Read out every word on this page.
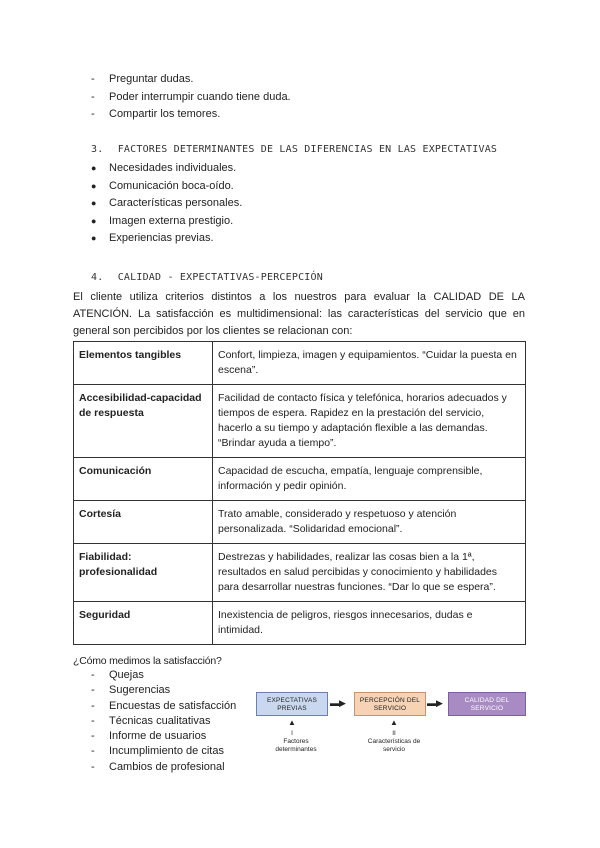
- Preguntar dudas.
- Poder interrumpir cuando tiene duda.
- Compartir los temores.
3. FACTORES DETERMINANTES DE LAS DIFERENCIAS EN LAS EXPECTATIVAS
● Necesidades individuales.
● Comunicación boca-oído.
● Características personales.
● Imagen externa prestigio.
● Experiencias previas.
4. CALIDAD - EXPECTATIVAS-PERCEPCIÓN

El cliente utiliza criterios distintos a los nuestros para evaluar la CALIDAD DE LA ATENCIÓN. La satisfacción es multidimensional: las características del servicio que en general son percibidos por los clientes se relacionan con:

Elementos tangibles	Confort, limpieza, imagen y equipamientos. “Cuidar la puesta en escena”.
Accesibilidad-capacidad de respuesta	Facilidad de contacto física y telefónica, horarios adecuados y tiempos de espera. Rapidez en la prestación del servicio, hacerlo a su tiempo y adaptación flexible a las demandas. “Brindar ayuda a tiempo”.
Comunicación	Capacidad de escucha, empatía, lenguaje comprensible, información y pedir opinión.
Cortesía	Trato amable, considerado y respetuoso y atención personalizada. “Solidaridad emocional”.
Fiabilidad: profesionalidad	Destrezas y habilidades, realizar las cosas bien a la 1ª, resultados en salud percibidas y conocimiento y habilidades para desarrollar nuestras funciones. “Dar lo que se espera”.
Seguridad	Inexistencia de peligros, riesgos innecesarios, dudas e intimidad.
¿Cómo medimos la satisfacción?
- Quejas
- Sugerencias
- Encuestas de satisfacción
- Técnicas cualitativas
- Informe de usuarios
- Incumplimiento de citas
- Cambios de profesional
EXPECTATIVAS PREVIAS
▬▶	PERCEPCIÓN DEL SERVICIO
▬▶	CALIDAD DEL SERVICIO
▲	▲
I	II
Factores determinantes
Características de servicio
